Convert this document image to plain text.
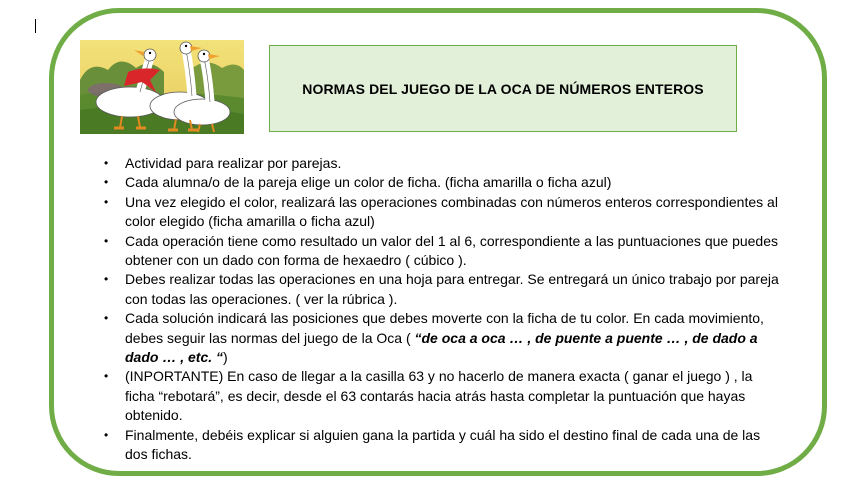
NORMAS DEL JUEGO DE LA OCA DE NÚMEROS ENTEROS
• Actividad para realizar por parejas.
• Cada alumna/o de la pareja elige un color de ficha. (ficha amarilla o ficha azul)
• Una vez elegido el color, realizará las operaciones combinadas con números enteros correspondientes al color elegido (ficha amarilla o ficha azul)
• Cada operación tiene como resultado un valor del 1 al 6, correspondiente a las puntuaciones que puedes obtener con un dado con forma de hexaedro ( cúbico ).
• Debes realizar todas las operaciones en una hoja para entregar. Se entregará un único trabajo por pareja con todas las operaciones. ( ver la rúbrica ).
• Cada solución indicará las posiciones que debes moverte con la ficha de tu color. En cada movimiento, debes seguir las normas del juego de la Oca ( “de oca a oca … , de puente a puente … , de dado a dado … , etc. “)
• (INPORTANTE) En caso de llegar a la casilla 63 y no hacerlo de manera exacta ( ganar el juego ) , la ficha “rebotará”, es decir, desde el 63 contarás hacia atrás hasta completar la puntuación que hayas obtenido.
• Finalmente, debéis explicar si alguien gana la partida y cuál ha sido el destino final de cada una de las dos fichas.
